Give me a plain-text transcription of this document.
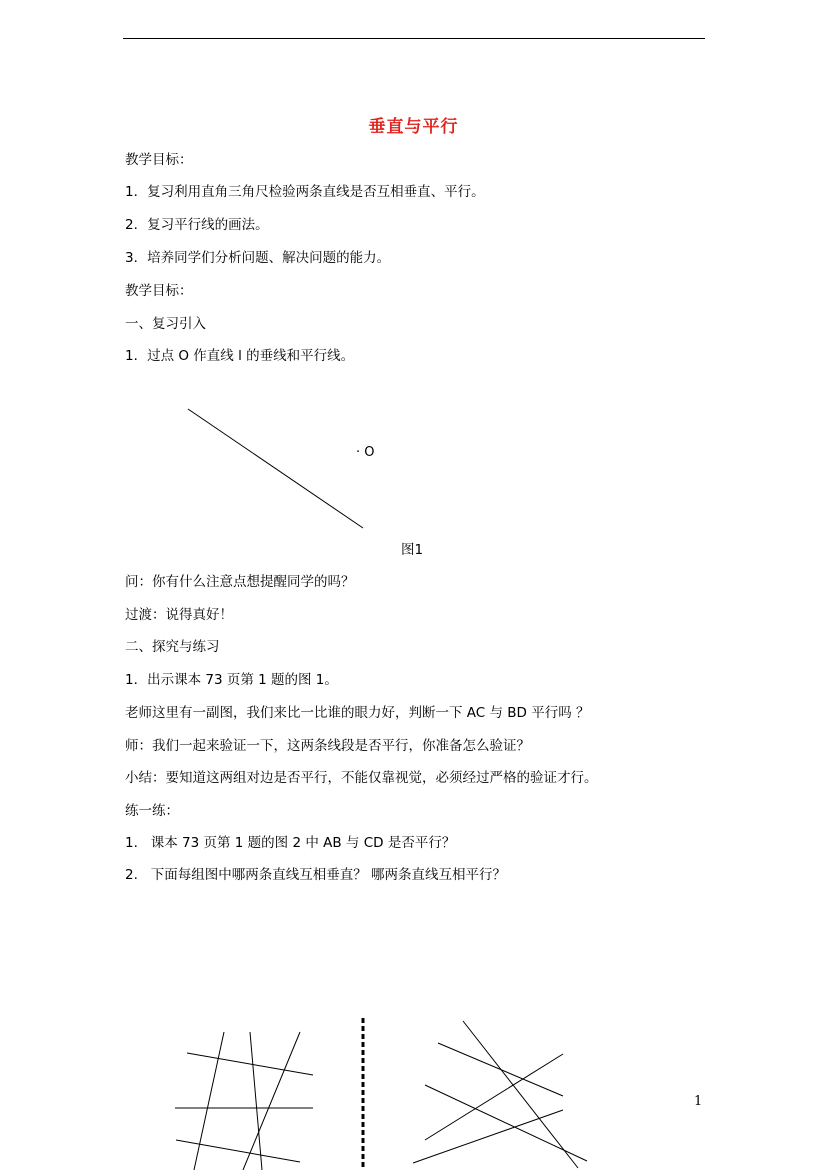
垂直与平行
教学目标：
1．复习利用直角三角尺检验两条直线是否互相垂直、平行。
2．复习平行线的画法。
3．培养同学们分析问题、解决问题的能力。
教学目标：
一、复习引入
1．过点 O 作直线 l 的垂线和平行线。
· O
图1
问：你有什么注意点想提醒同学的吗？
过渡：说得真好！
二、探究与练习
1．出示课本 73 页第 1 题的图 1。
老师这里有一副图，我们来比一比谁的眼力好，判断一下 AC 与 BD 平行吗 ？
师：我们一起来验证一下，这两条线段是否平行，你准备怎么验证？
小结：要知道这两组对边是否平行，不能仅靠视觉，必须经过严格的验证才行。
练一练：
1.   课本 73 页第 1 题的图 2 中 AB 与 CD 是否平行？
2.   下面每组图中哪两条直线互相垂直？ 哪两条直线互相平行？
1
